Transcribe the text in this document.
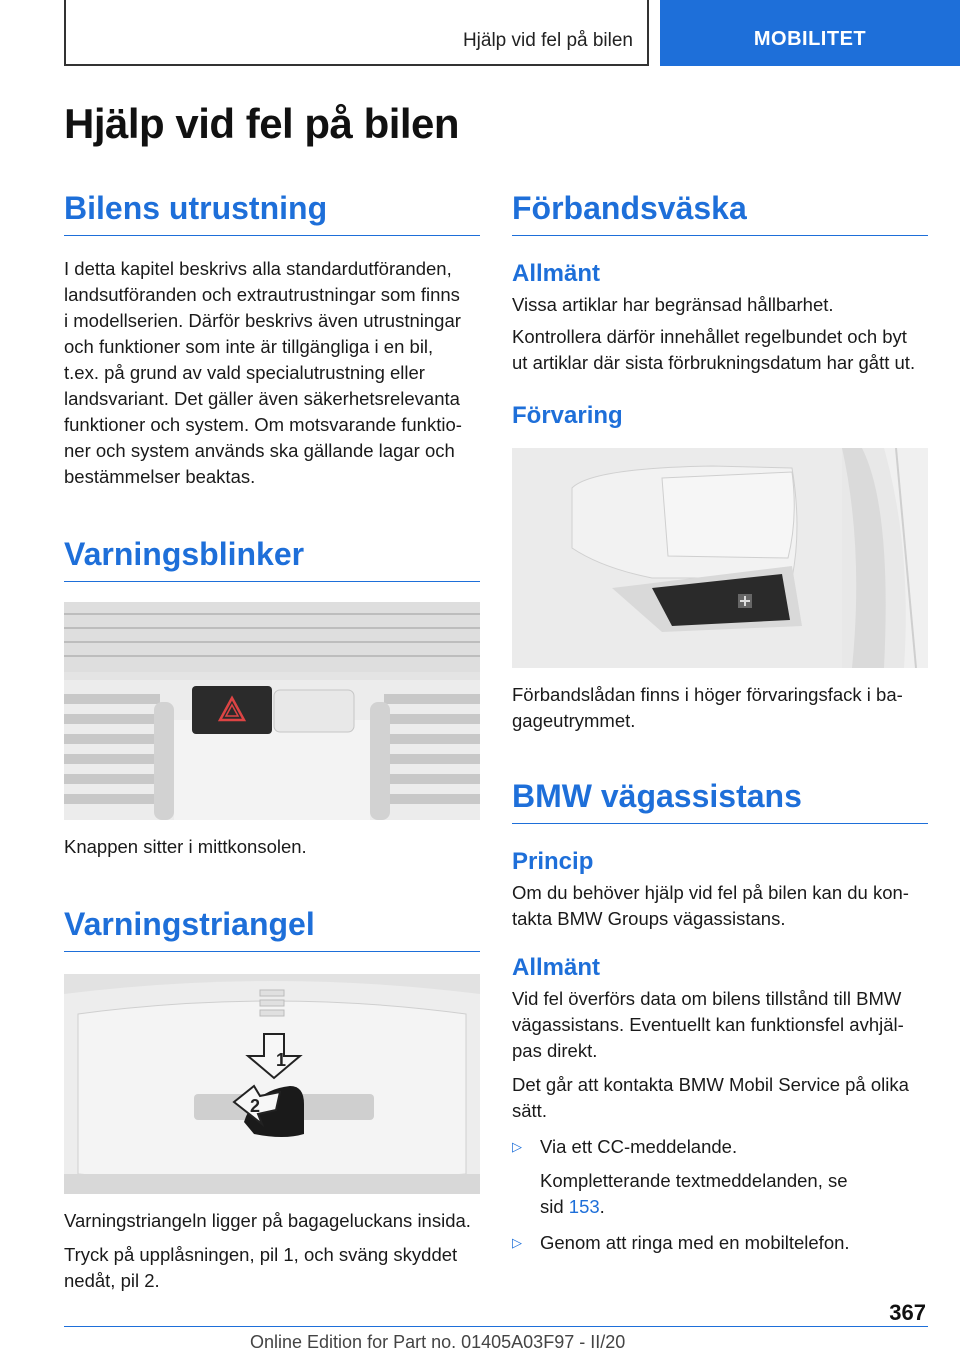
Hjälp vid fel på bilen	MOBILITET
Hjälp vid fel på bilen
Bilens utrustning

I detta kapitel beskrivs alla standardutföranden,

landsutföranden och extrautrustningar som finns

i modellserien. Därför beskrivs även utrustningar

och funktioner som inte är tillgängliga i en bil,

t.ex. på grund av vald specialutrustning eller

landsvariant. Det gäller även säkerhetsrelevanta

funktioner och system. Om motsvarande funktio‐

ner och system används ska gällande lagar och

bestämmelser beaktas.

Varningsblinker

Knappen sitter i mittkonsolen.

Varningstriangel
1
2

Varningstriangeln ligger på bagageluckans insida.

Tryck på upplåsningen, pil 1, och sväng skyddet

nedåt, pil 2.

Förbandsväska
Allmänt

Vissa artiklar har begränsad hållbarhet.

Kontrollera därför innehållet regelbundet och byt

ut artiklar där sista förbrukningsdatum har gått ut.

Förvaring

Förbandslådan finns i höger förvaringsfack i ba‐

gageutrymmet.

BMW vägassistans
Princip

Om du behöver hjälp vid fel på bilen kan du kon‐

takta BMW Groups vägassistans.

Allmänt

Vid fel överförs data om bilens tillstånd till BMW

vägassistans. Eventuellt kan funktionsfel avhjäl‐

pas direkt.

Det går att kontakta BMW Mobil Service på olika

sätt.

▷ Via ett CC-meddelande.
Kompletterande textmeddelanden, se
sid 153.
▷ Genom att ringa med en mobiltelefon.
367
Online Edition for Part no. 01405A03F97 - II/20
